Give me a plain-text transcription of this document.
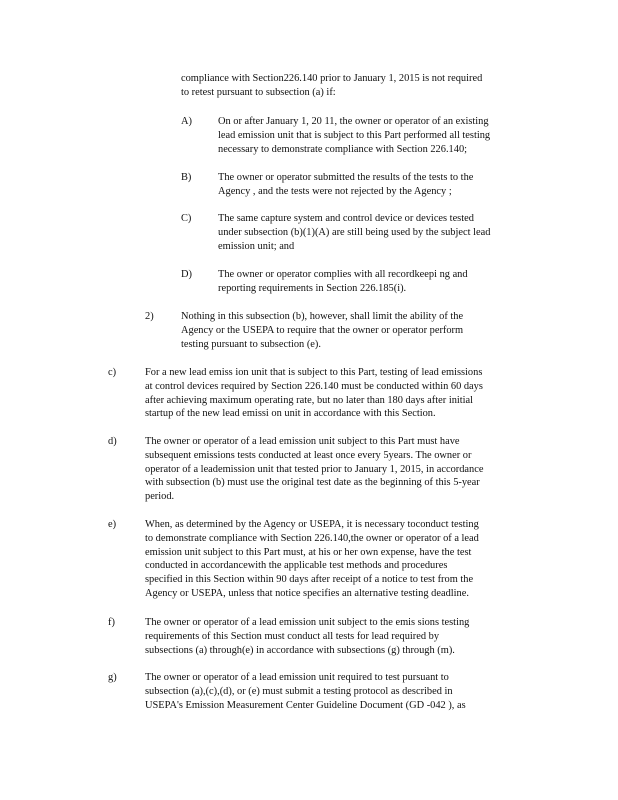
compliance with Section226.140 prior to January 1, 2015 is not required
to retest pursuant to subsection (a) if:
A)	On or after January 1, 20 11, the owner or operator of an existing
lead emission unit that is subject to this Part performed all testing
necessary to demonstrate compliance with Section 226.140;
B)	The owner or operator submitted the results of the tests to the
Agency , and the tests were not rejected by the Agency ;
C)	The same capture system and control device or devices tested
under subsection (b)(1)(A) are still being used by the subject lead
emission unit; and
D)	The owner or operator complies with all recordkeepi ng and
reporting requirements in Section 226.185(i).
2)	Nothing in this subsection (b), however, shall limit the ability of the
Agency or the USEPA to require that the owner or operator perform
testing pursuant to subsection (e).
c)	For a new lead emiss ion unit that is subject to this Part, testing of lead emissions
at control devices required by Section 226.140 must be conducted within 60 days
after achieving maximum operating rate, but no later than 180 days after initial
startup of the new lead emissi on unit in accordance with this Section.
d)	The owner or operator of a lead emission unit subject to this Part must have
subsequent emissions tests conducted at least once every 5years. The owner or
operator of a leademission unit that tested prior to January 1, 2015, in accordance
with subsection (b) must use the original test date as the beginning of this 5-year
period.
e)	When, as determined by the Agency or USEPA, it is necessary toconduct testing
to demonstrate compliance with Section 226.140,the owner or operator of a lead
emission unit subject to this Part must, at his or her own expense, have the test
conducted in accordancewith the applicable test methods and procedures
specified in this Section within 90 days after receipt of a notice to test from the
Agency or USEPA, unless that notice specifies an alternative testing deadline.
f)	The owner or operator of a lead emission unit subject to the emis sions testing
requirements of this Section must conduct all tests for lead required by
subsections (a) through(e) in accordance with subsections (g) through (m).
g)	The owner or operator of a lead emission unit required to test pursuant to
subsection (a),(c),(d), or (e) must submit a testing protocol as described in
USEPA's Emission Measurement Center Guideline Document (GD -042 ), as
